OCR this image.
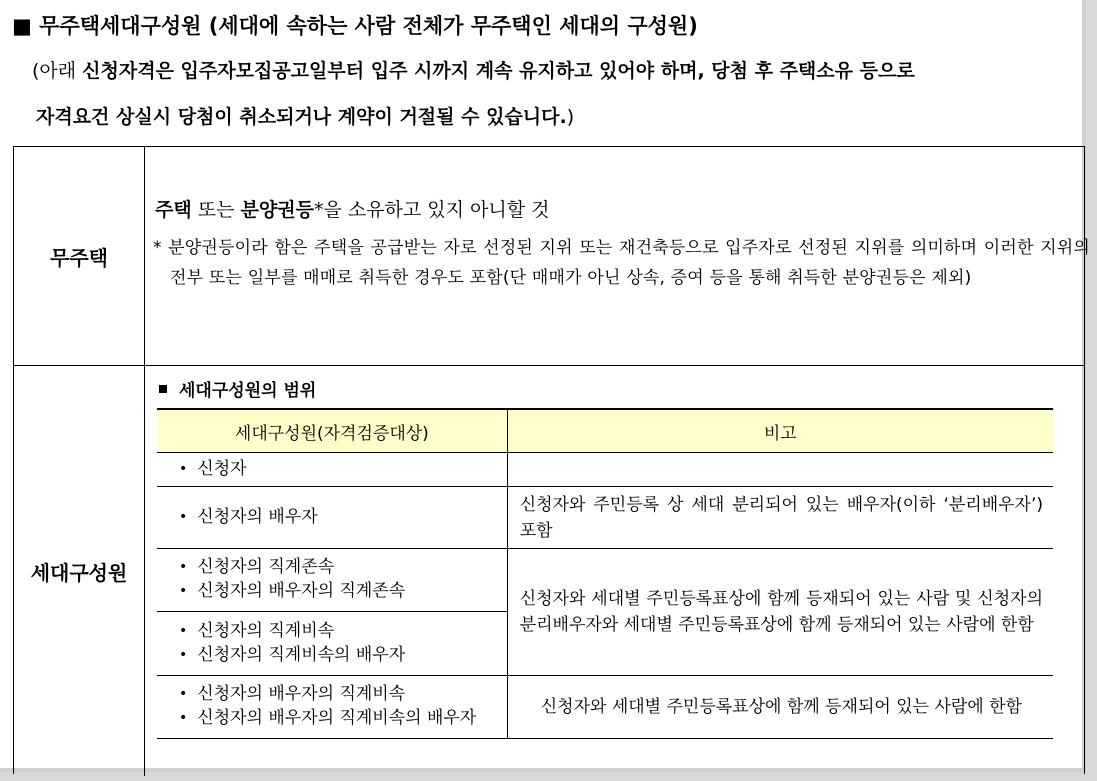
■ 무주택세대구성원 (세대에 속하는 사람 전체가 무주택인 세대의 구성원)
(아래 신청자격은 입주자모집공고일부터 입주 시까지 계속 유지하고 있어야 하며, 당첨 후 주택소유 등으로
자격요건 상실시 당첨이 취소되거나 계약이 거절될 수 있습니다.)
무주택
주택 또는 분양권등*을 소유하고 있지 아니할 것
* 분양권등이라 함은 주택을 공급받는 자로 선정된 지위 또는 재건축등으로 입주자로 선정된 지위를 의미하며 이러한 지위의 전부 또는 일부를 매매로 취득한 경우도 포함(단 매매가 아닌 상속, 증여 등을 통해 취득한 분양권등은 제외)
세대구성원
세대구성원의 범위
세대구성원(자격검증대상)	비고

• 신청자

• 신청자의 배우자	신청자와 주민등록 상 세대 분리되어 있는 배우자(이하 ‘분리배우자’) 포함

• 신청자의 직계존속
• 신청자의 배우자의 직계존속	신청자와 세대별 주민등록표상에 함께 등재되어 있는 사람 및 신청자의 분리배우자와 세대별 주민등록표상에 함께 등재되어 있는 사람에 한함

• 신청자의 직계비속
• 신청자의 직계비속의 배우자

• 신청자의 배우자의 직계비속
• 신청자의 배우자의 직계비속의 배우자	신청자와 세대별 주민등록표상에 함께 등재되어 있는 사람에 한함
